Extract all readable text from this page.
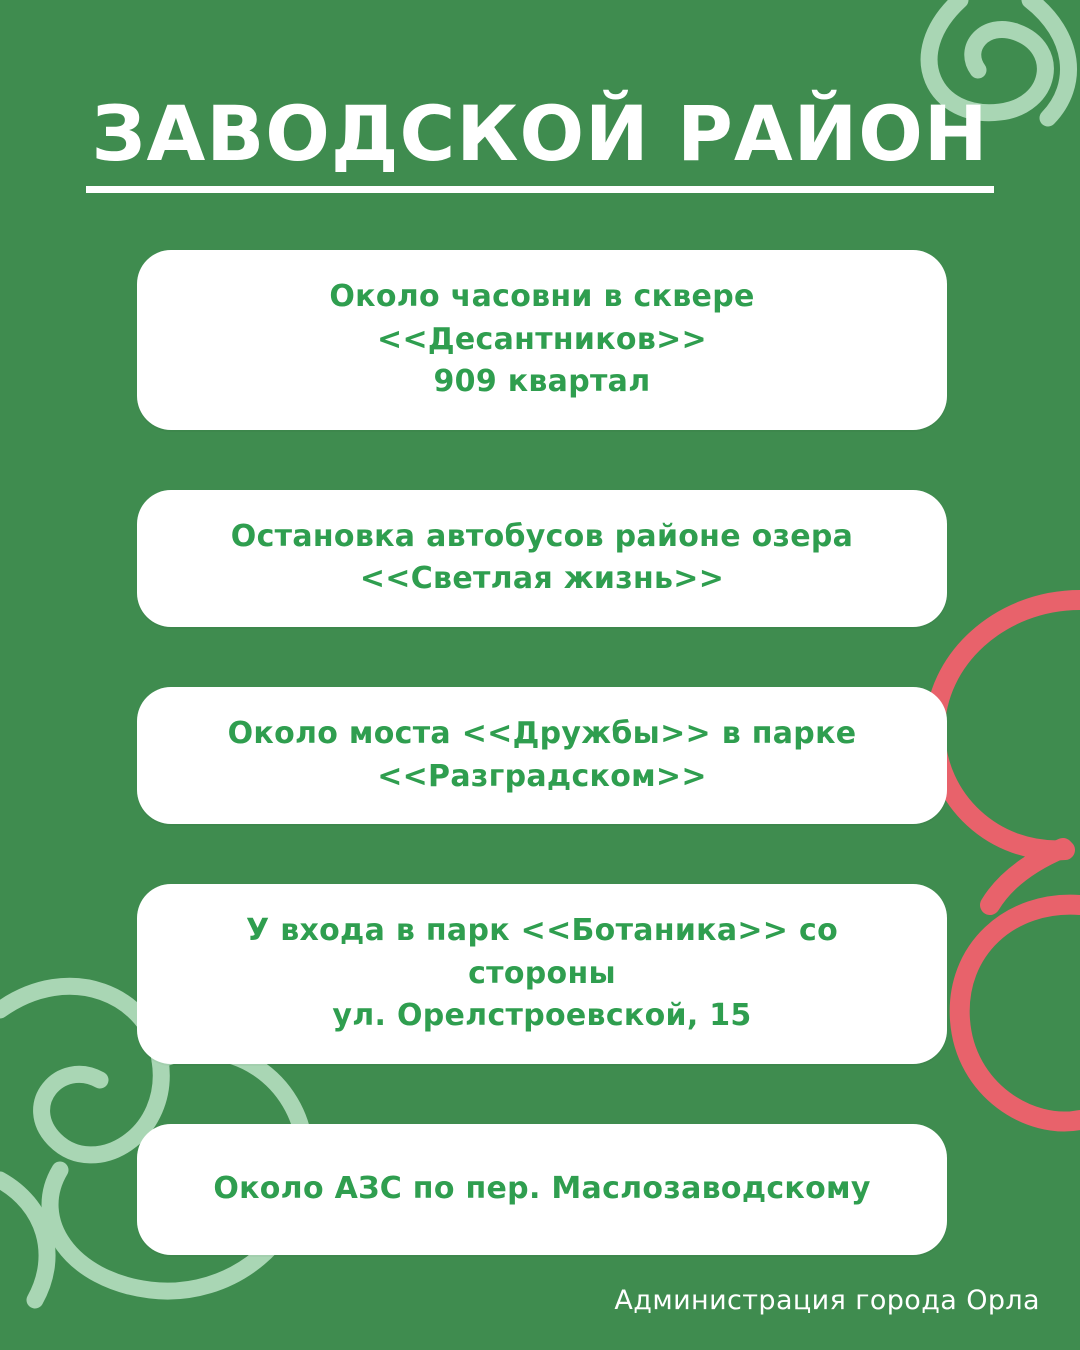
ЗАВОДСКОЙ РАЙОН
Около часовни в сквере <<Десантников>>
909 квартал
Остановка автобусов районе озера
<<Светлая жизнь>>
Около моста <<Дружбы>> в парке
<<Разградском>>
У входа в парк <<Ботаника>> со стороны
ул. Орелстроевской, 15
Около АЗС по пер. Маслозаводскому
Администрация города Орла
